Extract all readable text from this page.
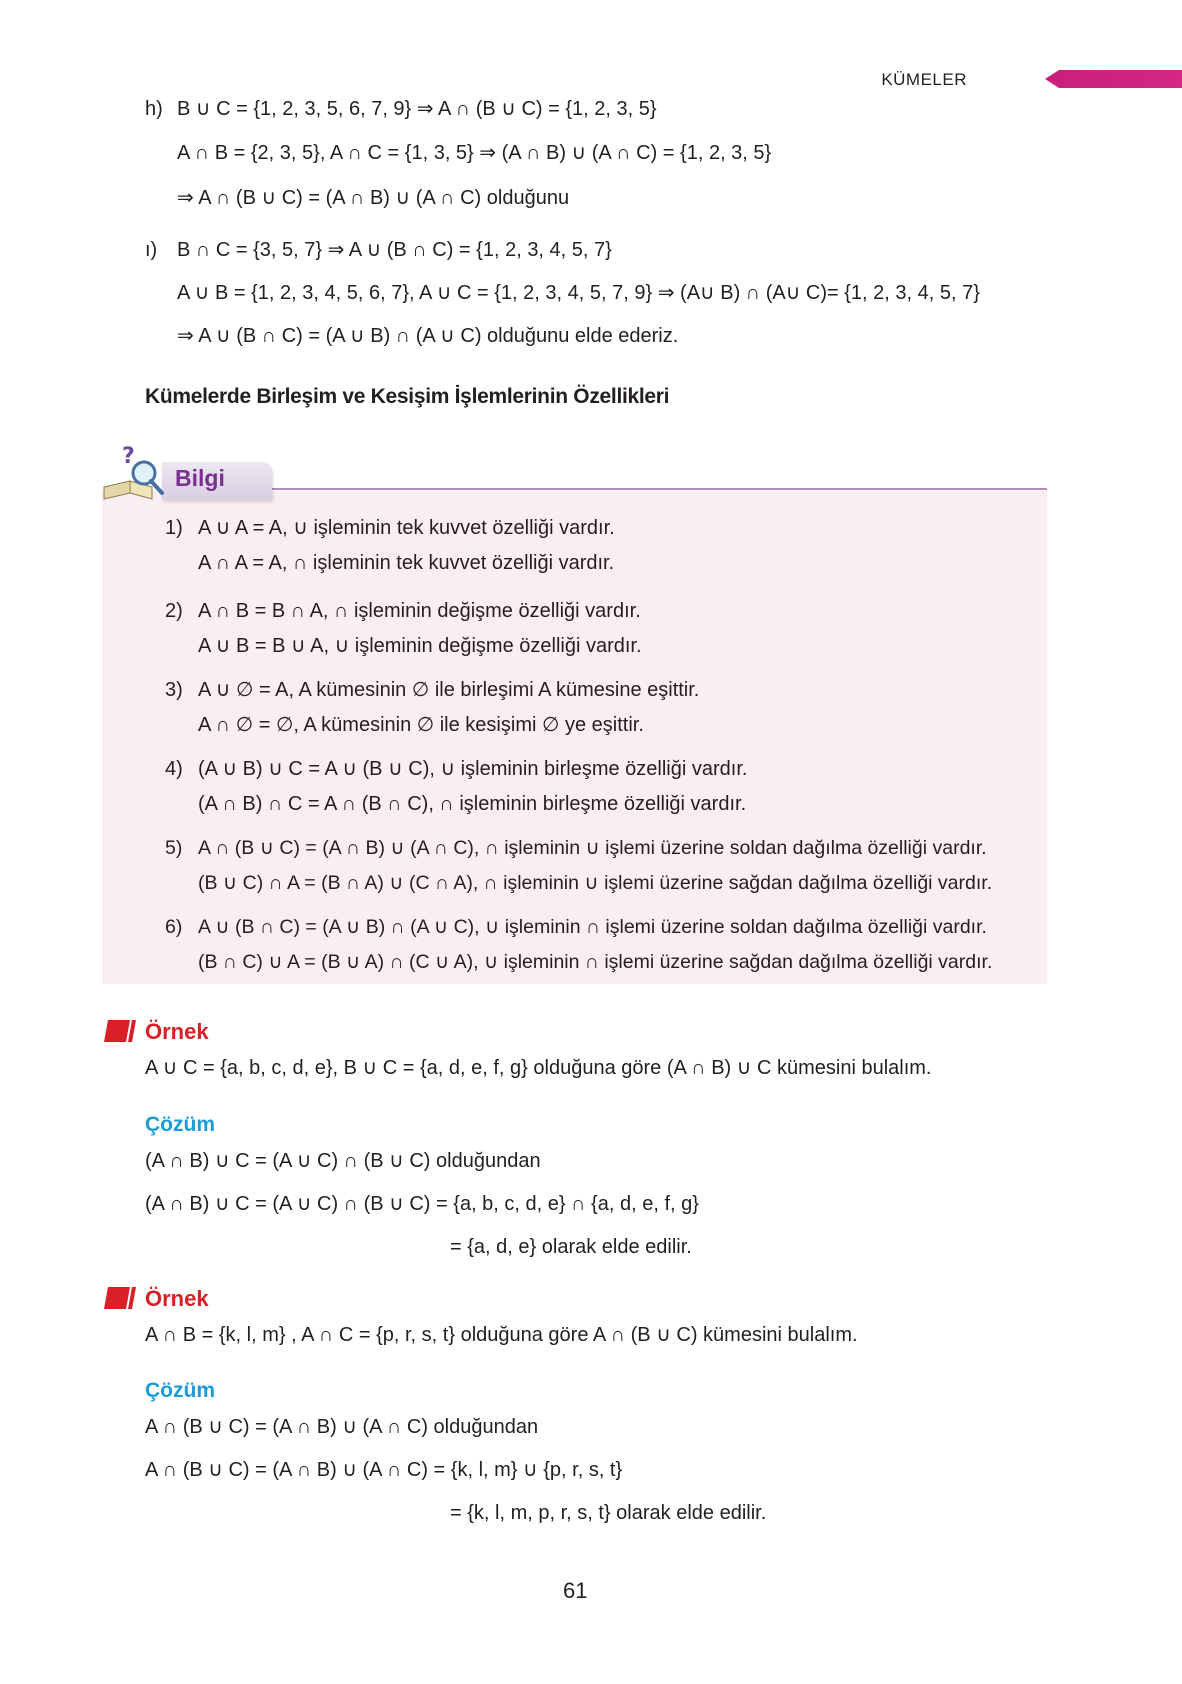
KÜMELER
h) B ∪ C = {1, 2, 3, 5, 6, 7, 9} ⇒ A ∩ (B ∪ C) = {1, 2, 3, 5}
A ∩ B = {2, 3, 5}, A ∩ C = {1, 3, 5} ⇒ (A ∩ B) ∪ (A ∩ C) = {1, 2, 3, 5}
⇒ A ∩ (B ∪ C) = (A ∩ B) ∪ (A ∩ C) olduğunu
ı) B ∩ C = {3, 5, 7} ⇒ A ∪ (B ∩ C) = {1, 2, 3, 4, 5, 7}
A ∪ B = {1, 2, 3, 4, 5, 6, 7}, A ∪ C = {1, 2, 3, 4, 5, 7, 9} ⇒ (A∪ B) ∩ (A∪ C)= {1, 2, 3, 4, 5, 7}
⇒ A ∪ (B ∩ C) = (A ∪ B) ∩ (A ∪ C) olduğunu elde ederiz.
Kümelerde Birleşim ve Kesişim İşlemlerinin Özellikleri
Bilgi
?
1) A ∪ A = A, ∪ işleminin tek kuvvet özelliği vardır.
A ∩ A = A, ∩ işleminin tek kuvvet özelliği vardır.
2) A ∩ B = B ∩ A, ∩ işleminin değişme özelliği vardır.
A ∪ B = B ∪ A, ∪ işleminin değişme özelliği vardır.
3) A ∪ ∅ = A, A kümesinin ∅ ile birleşimi A kümesine eşittir.
A ∩ ∅ = ∅, A kümesinin ∅ ile kesişimi ∅ ye eşittir.
4) (A ∪ B) ∪ C = A ∪ (B ∪ C), ∪ işleminin birleşme özelliği vardır.
(A ∩ B) ∩ C = A ∩ (B ∩ C), ∩ işleminin birleşme özelliği vardır.
5) A ∩ (B ∪ C) = (A ∩ B) ∪ (A ∩ C), ∩ işleminin ∪ işlemi üzerine soldan dağılma özelliği vardır.
(B ∪ C) ∩ A = (B ∩ A) ∪ (C ∩ A), ∩ işleminin ∪ işlemi üzerine sağdan dağılma özelliği vardır.
6) A ∪ (B ∩ C) = (A ∪ B) ∩ (A ∪ C), ∪ işleminin ∩ işlemi üzerine soldan dağılma özelliği vardır.
(B ∩ C) ∪ A = (B ∪ A) ∩ (C ∪ A), ∪ işleminin ∩ işlemi üzerine sağdan dağılma özelliği vardır.
Örnek
A ∪ C = {a, b, c, d, e}, B ∪ C = {a, d, e, f, g} olduğuna göre (A ∩ B) ∪ C kümesini bulalım.
Çözüm
(A ∩ B) ∪ C = (A ∪ C) ∩ (B ∪ C) olduğundan
(A ∩ B) ∪ C = (A ∪ C) ∩ (B ∪ C) = {a, b, c, d, e} ∩ {a, d, e, f, g}
= {a, d, e} olarak elde edilir.
Örnek
A ∩ B = {k, l, m} , A ∩ C = {p, r, s, t} olduğuna göre A ∩ (B ∪ C) kümesini bulalım.
Çözüm
A ∩ (B ∪ C) = (A ∩ B) ∪ (A ∩ C) olduğundan
A ∩ (B ∪ C) = (A ∩ B) ∪ (A ∩ C) = {k, l, m} ∪ {p, r, s, t}
= {k, l, m, p, r, s, t} olarak elde edilir.
61
